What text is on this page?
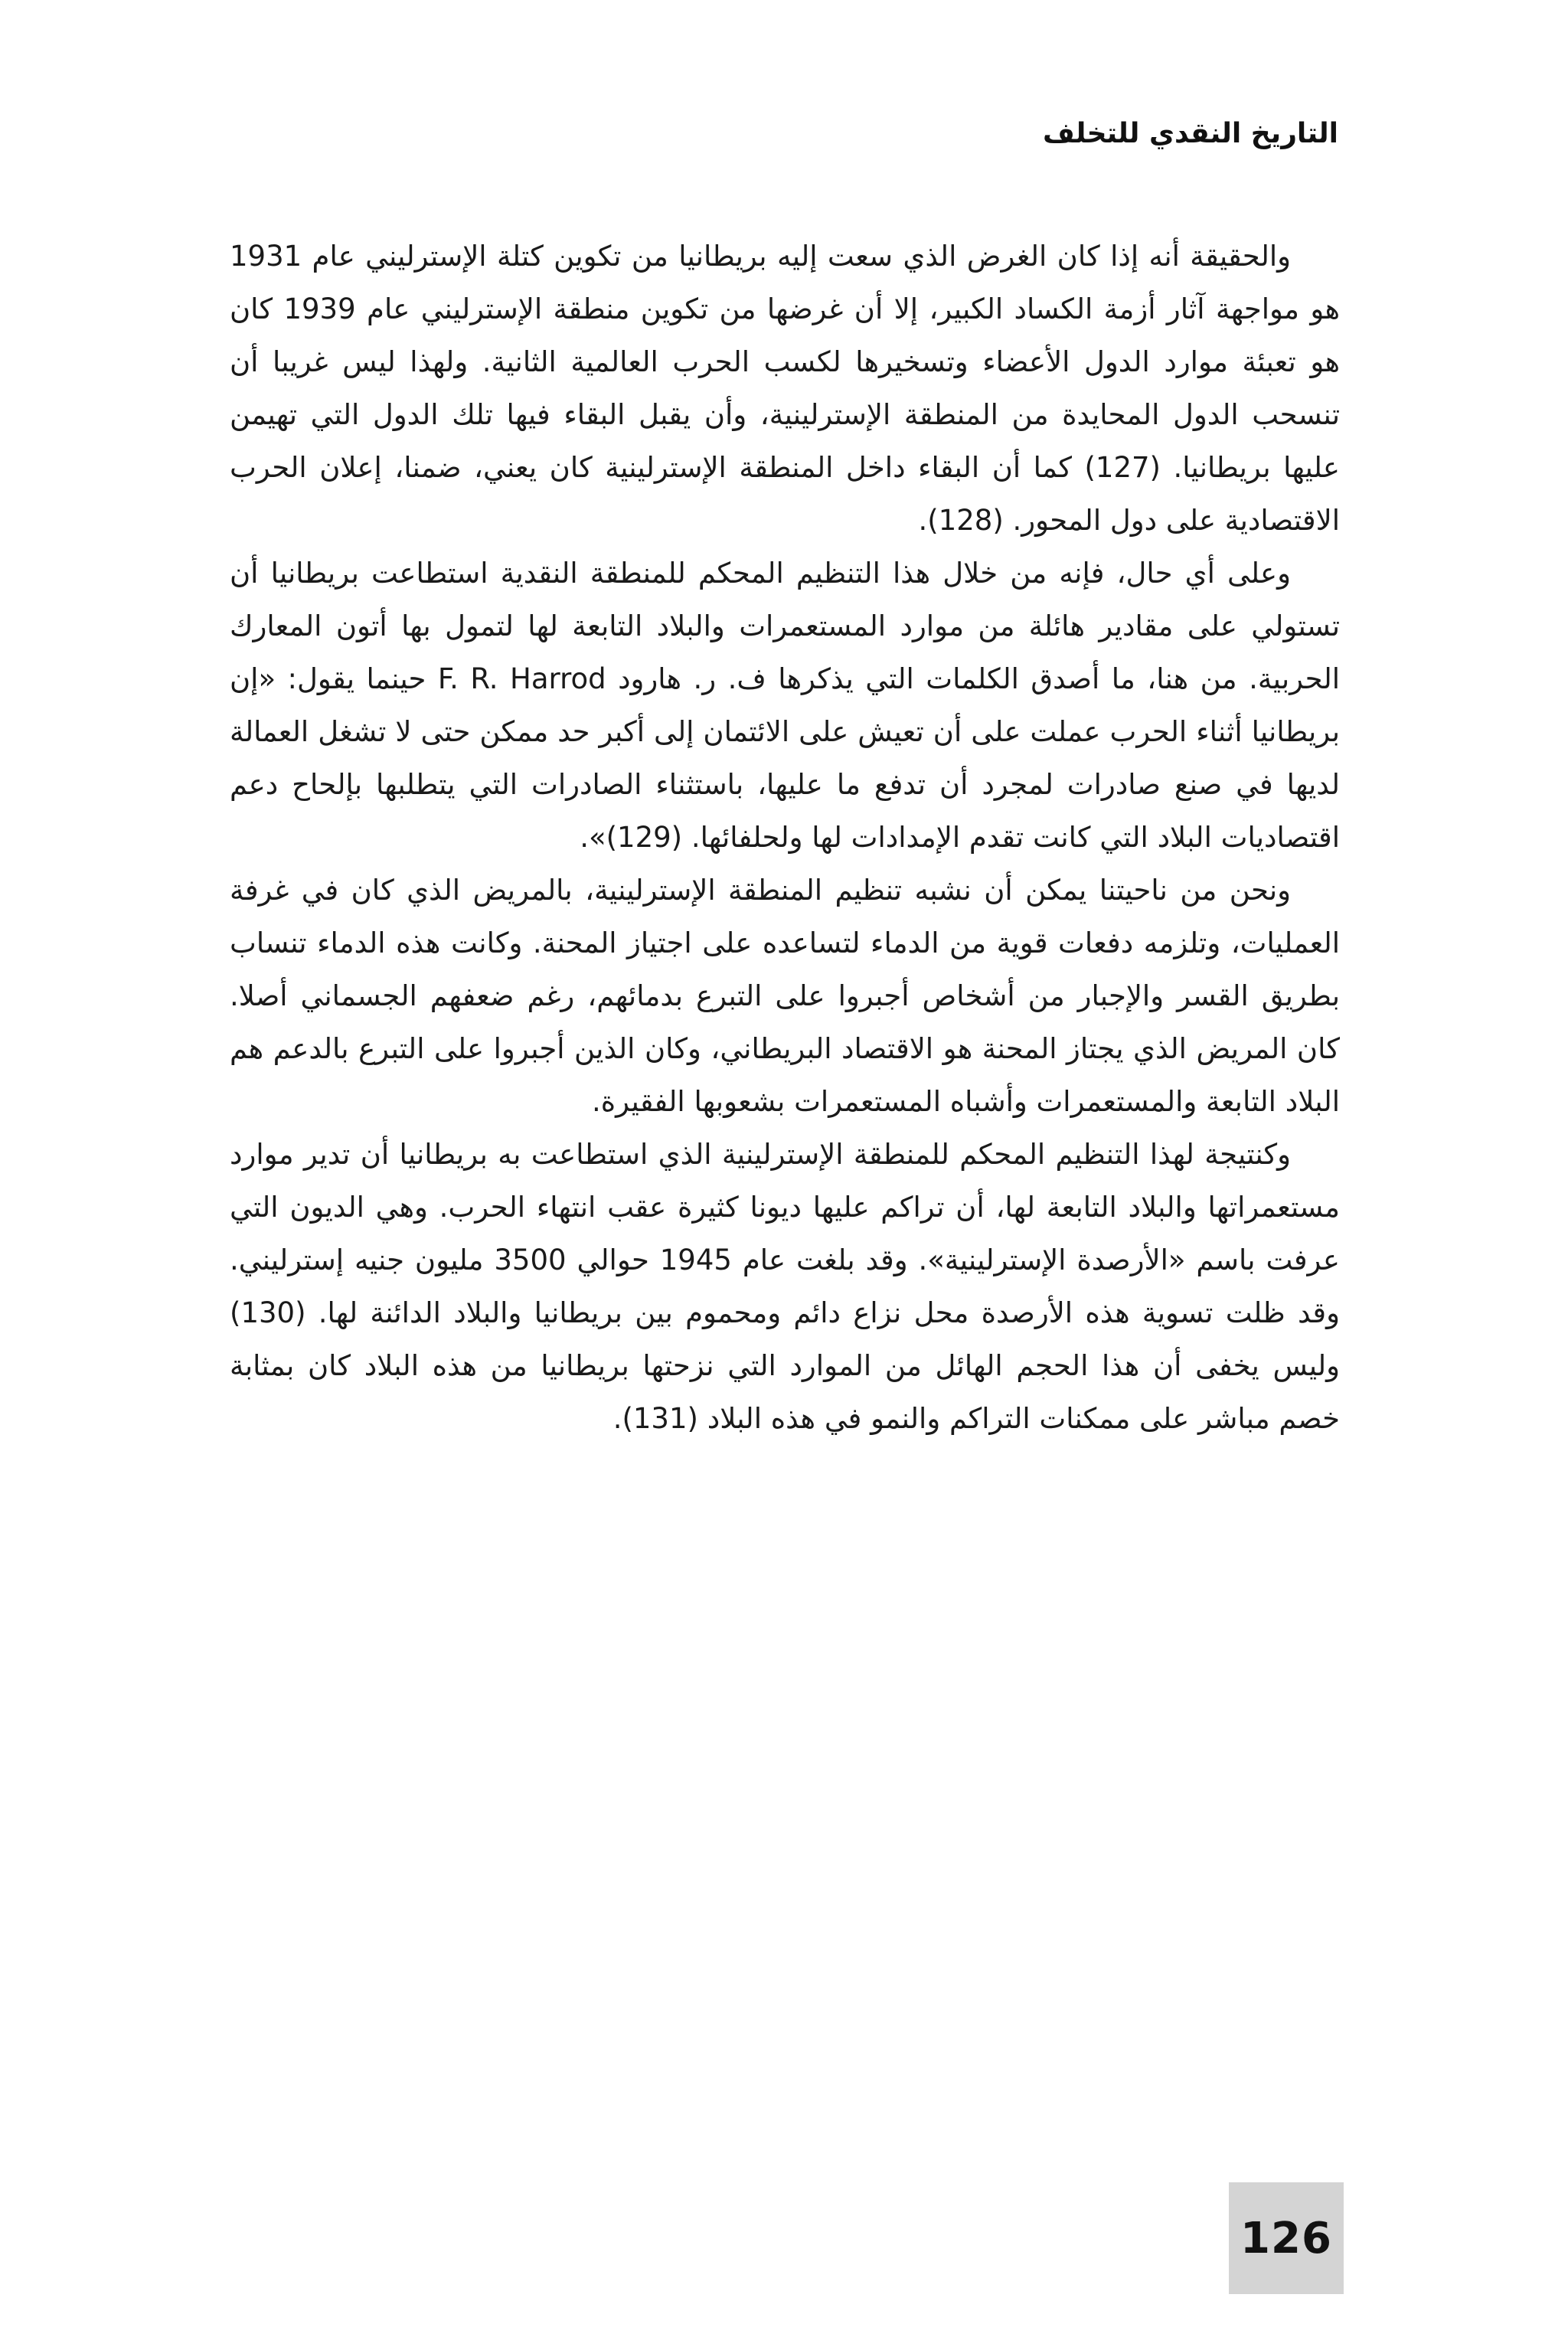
التاريخ النقدي للتخلف

والحقيقة أنه إذا كان الغرض الذي سعت إليه بريطانيا من تكوين كتلة الإسترليني عام 1931 هو مواجهة آثار أزمة الكساد الكبير، إلا أن غرضها من تكوين منطقة الإسترليني عام 1939 كان هو تعبئة موارد الدول الأعضاء وتسخيرها لكسب الحرب العالمية الثانية. ولهذا ليس غريبا أن تنسحب الدول المحايدة من المنطقة الإسترلينية، وأن يقبل البقاء فيها تلك الدول التي تهيمن عليها بريطانيا. (127) كما أن البقاء داخل المنطقة الإسترلينية كان يعني، ضمنا، إعلان الحرب الاقتصادية على دول المحور. (128).

وعلى أي حال، فإنه من خلال هذا التنظيم المحكم للمنطقة النقدية استطاعت بريطانيا أن تستولي على مقادير هائلة من موارد المستعمرات والبلاد التابعة لها لتمول بها أتون المعارك الحربية. من هنا، ما أصدق الكلمات التي يذكرها ف. ر. هارود F. R. Harrod حينما يقول: «إن بريطانيا أثناء الحرب عملت على أن تعيش على الائتمان إلى أكبر حد ممكن حتى لا تشغل العمالة لديها في صنع صادرات لمجرد أن تدفع ما عليها، باستثناء الصادرات التي يتطلبها بإلحاح دعم اقتصاديات البلاد التي كانت تقدم الإمدادات لها ولحلفائها. (129)».

ونحن من ناحيتنا يمكن أن نشبه تنظيم المنطقة الإسترلينية، بالمريض الذي كان في غرفة العمليات، وتلزمه دفعات قوية من الدماء لتساعده على اجتياز المحنة. وكانت هذه الدماء تنساب بطريق القسر والإجبار من أشخاص أجبروا على التبرع بدمائهم، رغم ضعفهم الجسماني أصلا. كان المريض الذي يجتاز المحنة هو الاقتصاد البريطاني، وكان الذين أجبروا على التبرع بالدعم هم البلاد التابعة والمستعمرات وأشباه المستعمرات بشعوبها الفقيرة.

وكنتيجة لهذا التنظيم المحكم للمنطقة الإسترلينية الذي استطاعت به بريطانيا أن تدير موارد مستعمراتها والبلاد التابعة لها، أن تراكم عليها ديونا كثيرة عقب انتهاء الحرب. وهي الديون التي عرفت باسم «الأرصدة الإسترلينية». وقد بلغت عام 1945 حوالي 3500 مليون جنيه إسترليني. وقد ظلت تسوية هذه الأرصدة محل نزاع دائم ومحموم بين بريطانيا والبلاد الدائنة لها. (130) وليس يخفى أن هذا الحجم الهائل من الموارد التي نزحتها بريطانيا من هذه البلاد كان بمثابة خصم مباشر على ممكنات التراكم والنمو في هذه البلاد (131).

126
